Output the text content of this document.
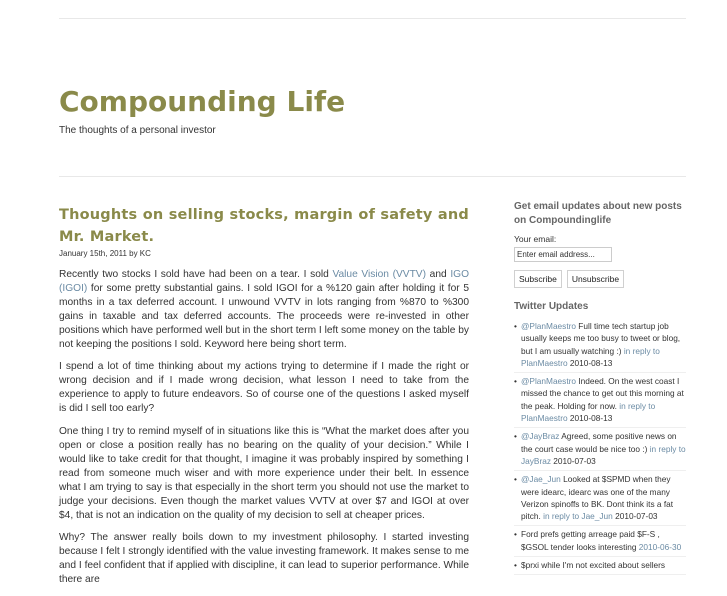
Compounding Life
The thoughts of a personal investor
Thoughts on selling stocks, margin of safety and Mr. Market.
January 15th, 2011 by KC

Recently two stocks I sold have had been on a tear. I sold Value Vision (VVTV) and IGO (IGOI) for some pretty substantial gains. I sold IGOI for a %120 gain after holding it for 5 months in a tax deferred account. I unwound VVTV in lots ranging from %870 to %300 gains in taxable and tax deferred accounts. The proceeds were re-invested in other positions which have performed well but in the short term I left some money on the table by not keeping the positions I sold. Keyword here being short term.

I spend a lot of time thinking about my actions trying to determine if I made the right or wrong decision and if I made wrong decision, what lesson I need to take from the experience to apply to future endeavors. So of course one of the questions I asked myself is did I sell too early?

One thing I try to remind myself of in situations like this is “What the market does after you open or close a position really has no bearing on the quality of your decision.” While I would like to take credit for that thought, I imagine it was probably inspired by something I read from someone much wiser and with more experience under their belt. In essence what I am trying to say is that especially in the short term you should not use the market to judge your decisions. Even though the market values VVTV at over $7 and IGOI at over $4, that is not an indication on the quality of my decision to sell at cheaper prices.

Why? The answer really boils down to my investment philosophy. I started investing because I felt I strongly identified with the value investing framework. It makes sense to me and I feel confident that if applied with discipline, it can lead to superior performance. While there are

Get email updates about new posts on Compoundinglife
Your email:
Enter email address...
Subscribe	Unsubscribe
Twitter Updates
• @PlanMaestro Full time tech startup job usually keeps me too busy to tweet or blog, but I am usually watching :) in reply to PlanMaestro 2010-08-13
• @PlanMaestro Indeed. On the west coast I missed the chance to get out this morning at the peak. Holding for now. in reply to PlanMaestro 2010-08-13
• @JayBraz Agreed, some positive news on the court case would be nice too :) in reply to JayBraz 2010-07-03
• @Jae_Jun Looked at $SPMD when they were idearc, idearc was one of the many Verizon spinoffs to BK. Dont think its a fat pitch. in reply to Jae_Jun 2010-07-03
• Ford prefs getting arreage paid $F-S , $GSOL tender looks interesting 2010-06-30
• $prxi while I'm not excited about sellers
